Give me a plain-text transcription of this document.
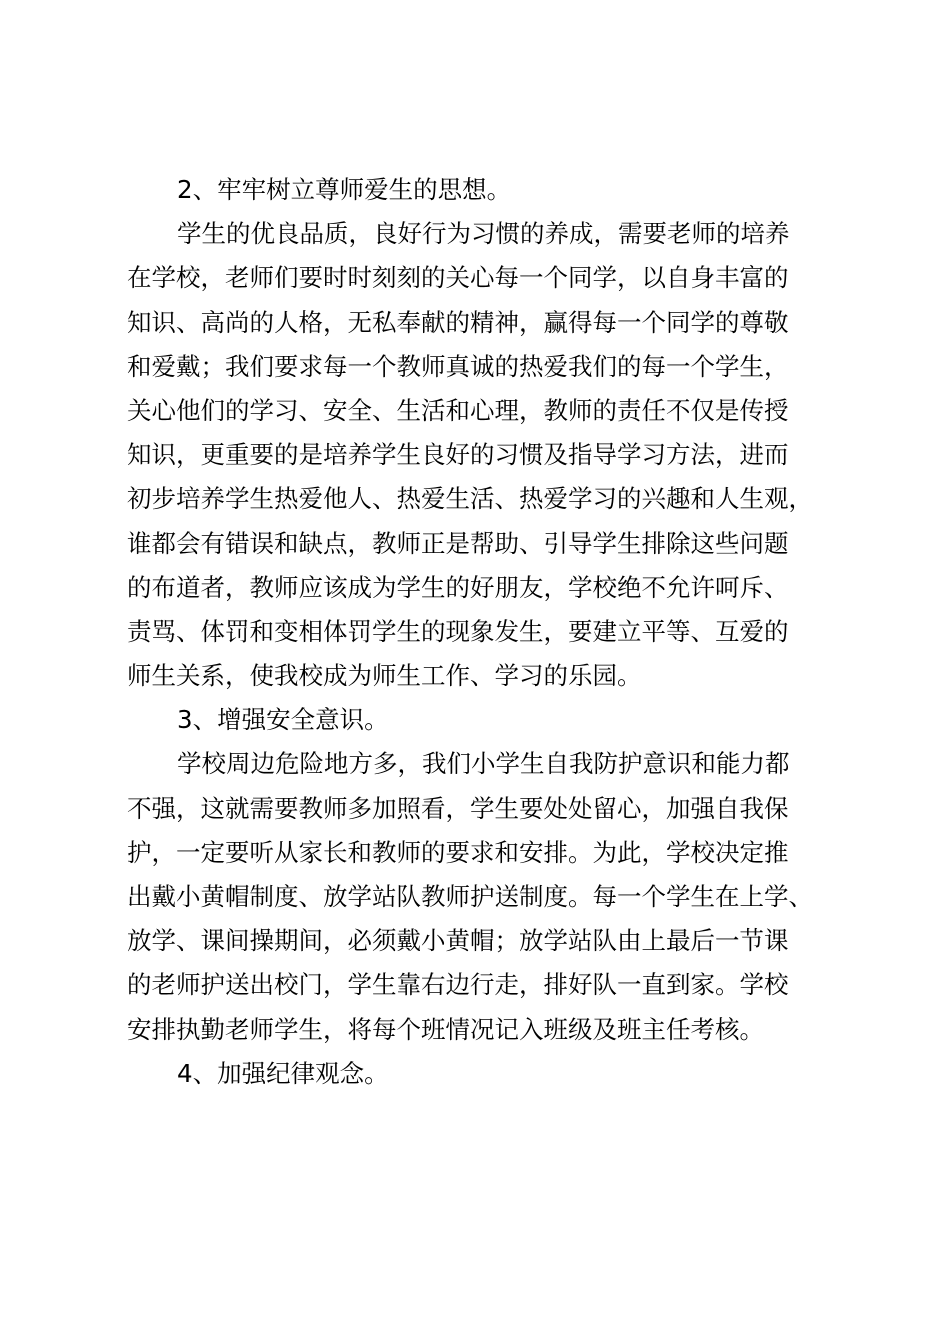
2、牢牢树立尊师爱生的思想。
学生的优良品质，良好行为习惯的养成，需要老师的培养
在学校，老师们要时时刻刻的关心每一个同学，以自身丰富的
知识、高尚的人格，无私奉献的精神，赢得每一个同学的尊敬
和爱戴；我们要求每一个教师真诚的热爱我们的每一个学生，
关心他们的学习、安全、生活和心理，教师的责任不仅是传授
知识，更重要的是培养学生良好的习惯及指导学习方法，进而
初步培养学生热爱他人、热爱生活、热爱学习的兴趣和人生观，
谁都会有错误和缺点，教师正是帮助、引导学生排除这些问题
的布道者，教师应该成为学生的好朋友，学校绝不允许呵斥、
责骂、体罚和变相体罚学生的现象发生，要建立平等、互爱的
师生关系，使我校成为师生工作、学习的乐园。
3、增强安全意识。
学校周边危险地方多，我们小学生自我防护意识和能力都
不强，这就需要教师多加照看，学生要处处留心，加强自我保
护，一定要听从家长和教师的要求和安排。为此，学校决定推
出戴小黄帽制度、放学站队教师护送制度。每一个学生在上学、
放学、课间操期间，必须戴小黄帽；放学站队由上最后一节课
的老师护送出校门，学生靠右边行走，排好队一直到家。学校
安排执勤老师学生，将每个班情况记入班级及班主任考核。
4、加强纪律观念。
